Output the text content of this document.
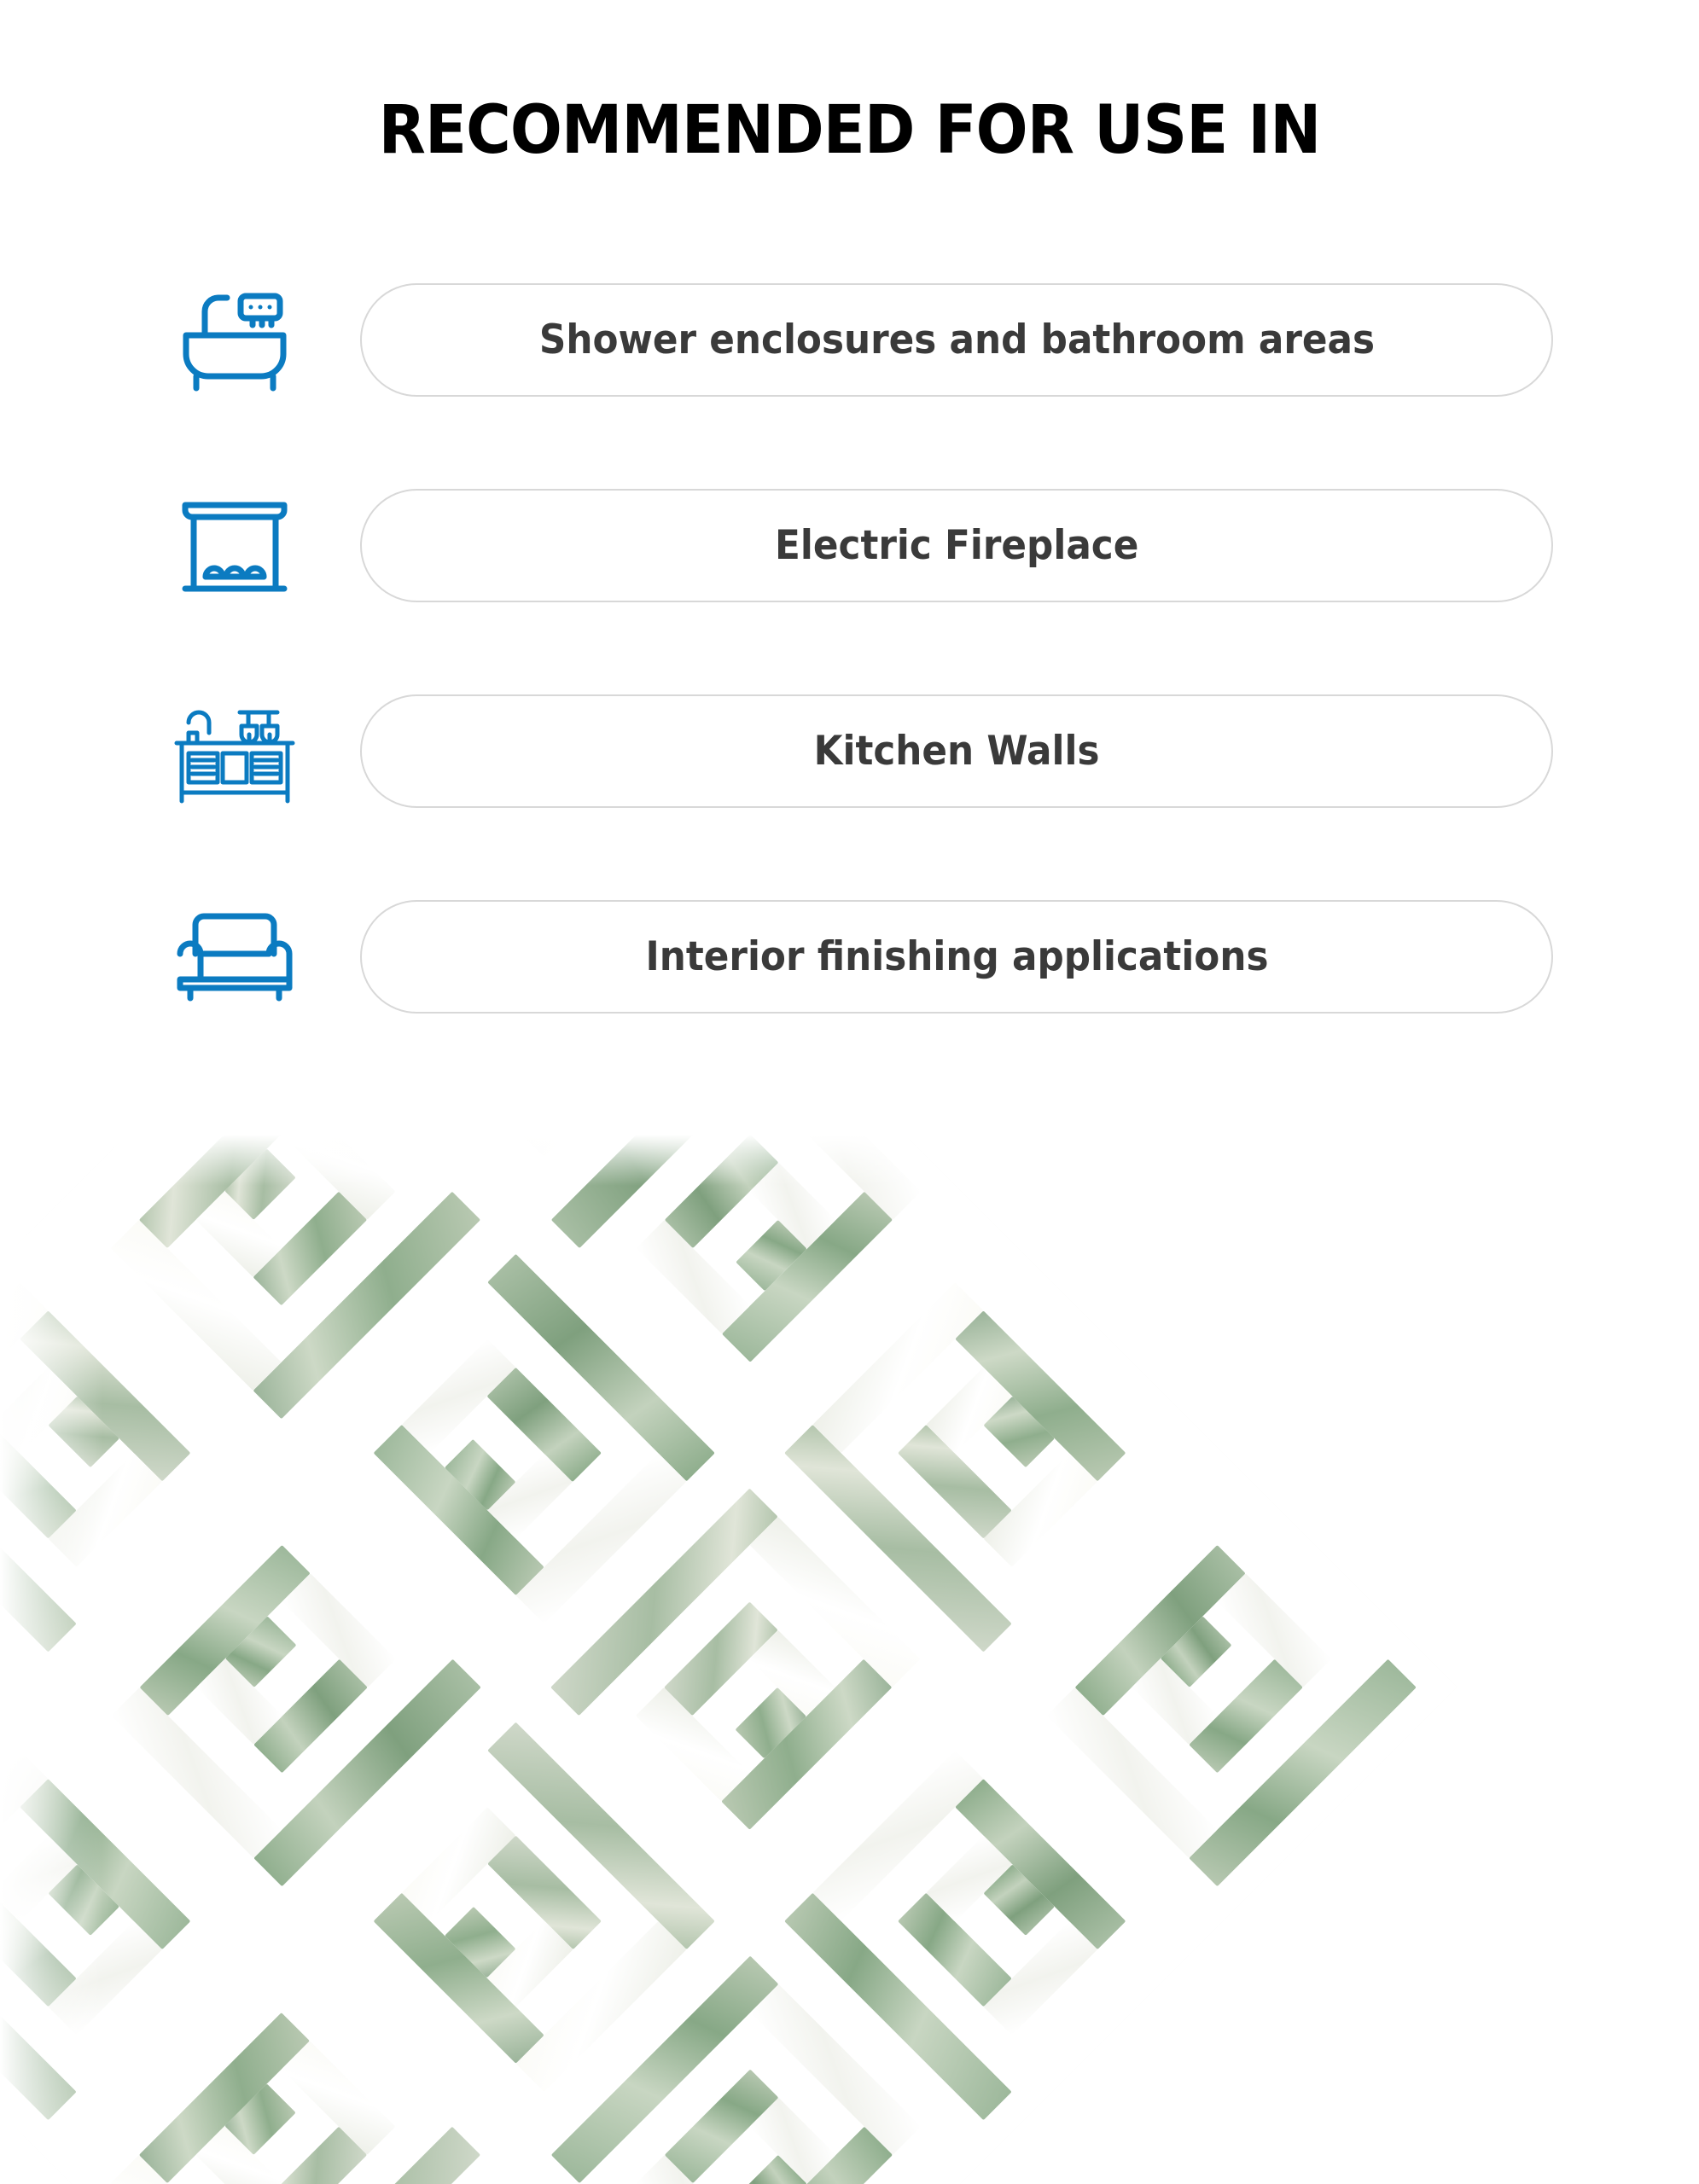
RECOMMENDED FOR USE IN
Shower enclosures and bathroom areas
Electric Fireplace
Kitchen Walls
Interior finishing applications
